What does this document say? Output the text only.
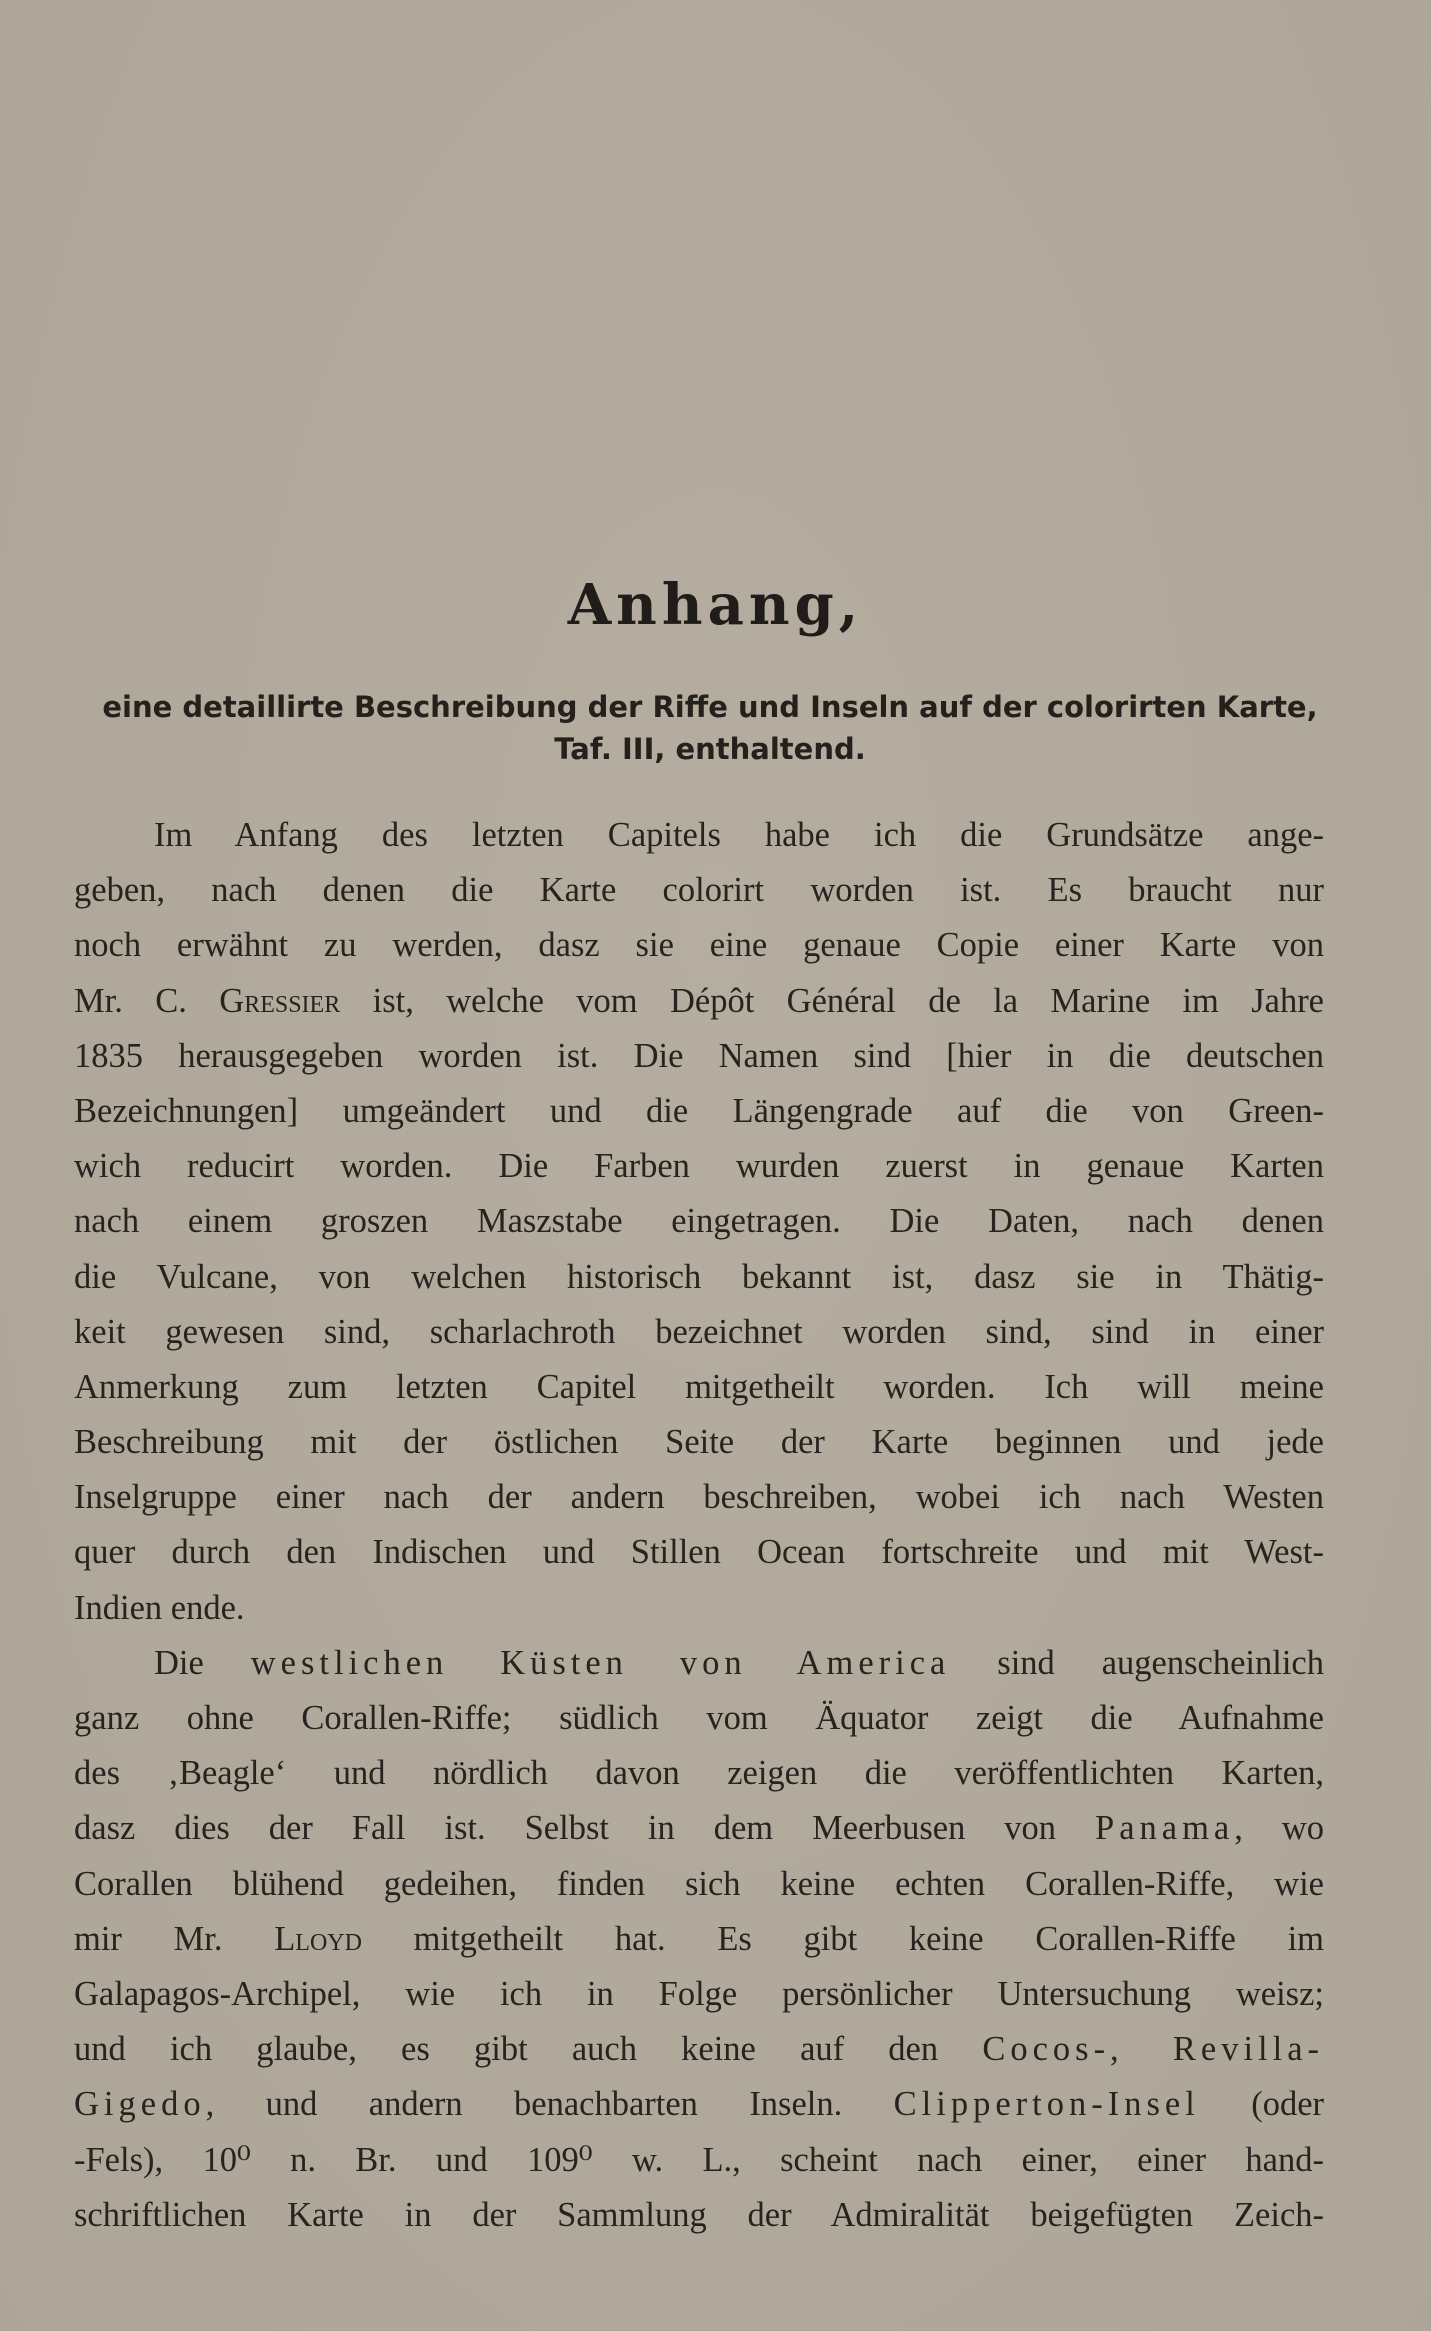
Anhang,
eine detaillirte Beschreibung der Riffe und Inseln auf der colorirten Karte,
Taf. III, enthaltend.
Im Anfang des letzten Capitels habe ich die Grundsätze ange-
geben, nach denen die Karte colorirt worden ist. Es braucht nur
noch erwähnt zu werden, dasz sie eine genaue Copie einer Karte von
Mr. C. Gressier ist, welche vom Dépôt Général de la Marine im Jahre
1835 herausgegeben worden ist. Die Namen sind [hier in die deutschen
Bezeichnungen] umgeändert und die Längengrade auf die von Green-
wich reducirt worden. Die Farben wurden zuerst in genaue Karten
nach einem groszen Maszstabe eingetragen. Die Daten, nach denen
die Vulcane, von welchen historisch bekannt ist, dasz sie in Thätig-
keit gewesen sind, scharlachroth bezeichnet worden sind, sind in einer
Anmerkung zum letzten Capitel mitgetheilt worden. Ich will meine
Beschreibung mit der östlichen Seite der Karte beginnen und jede
Inselgruppe einer nach der andern beschreiben, wobei ich nach Westen
quer durch den Indischen und Stillen Ocean fortschreite und mit West-
Indien ende.
Die westlichen Küsten von America sind augenscheinlich
ganz ohne Corallen-Riffe; südlich vom Äquator zeigt die Aufnahme
des ‚Beagle‘ und nördlich davon zeigen die veröffentlichten Karten,
dasz dies der Fall ist. Selbst in dem Meerbusen von Panama, wo
Corallen blühend gedeihen, finden sich keine echten Corallen-Riffe, wie
mir Mr. Lloyd mitgetheilt hat. Es gibt keine Corallen-Riffe im
Galapagos-Archipel, wie ich in Folge persönlicher Untersuchung weisz;
und ich glaube, es gibt auch keine auf den Cocos-, Revilla-
Gigedo, und andern benachbarten Inseln. Clipperton-Insel (oder
-Fels), 10⁰ n. Br. und 109⁰ w. L., scheint nach einer, einer hand-
schriftlichen Karte in der Sammlung der Admiralität beigefügten Zeich-
